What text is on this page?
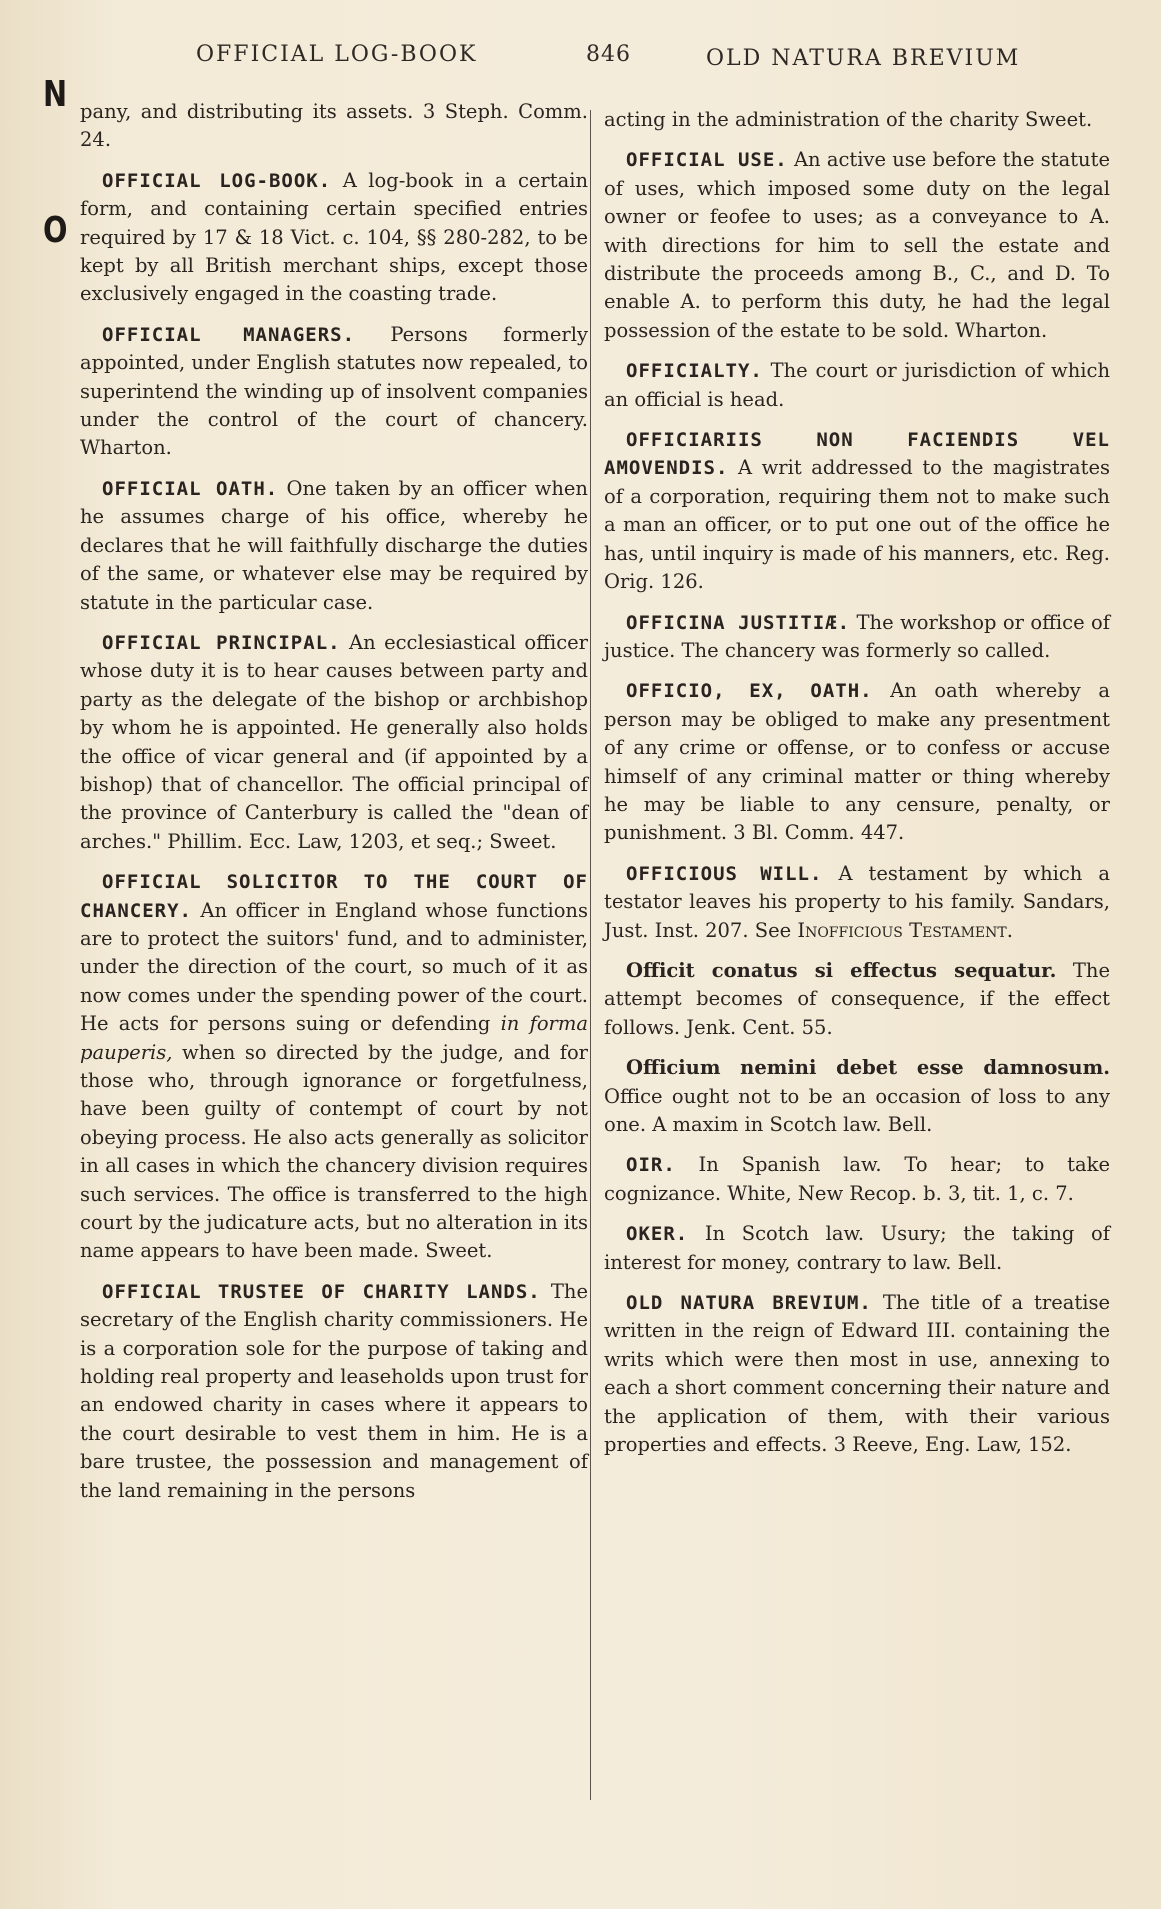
OFFICIAL LOG-BOOK	846	OLD NATURA BREVIUM
N
O

pany, and distributing its assets. 3 Steph. Comm. 24.

OFFICIAL LOG-BOOK. A log-book in a certain form, and containing certain specified entries required by 17 & 18 Vict. c. 104, §§ 280-282, to be kept by all British merchant ships, except those exclusively engaged in the coasting trade.

OFFICIAL MANAGERS. Persons formerly appointed, under English statutes now repealed, to superintend the winding up of insolvent companies under the control of the court of chancery. Wharton.

OFFICIAL OATH. One taken by an officer when he assumes charge of his office, whereby he declares that he will faithfully discharge the duties of the same, or whatever else may be required by statute in the particular case.

OFFICIAL PRINCIPAL. An ecclesiastical officer whose duty it is to hear causes between party and party as the delegate of the bishop or archbishop by whom he is appointed. He generally also holds the office of vicar general and (if appointed by a bishop) that of chancellor. The official principal of the province of Canterbury is called the "dean of arches." Phillim. Ecc. Law, 1203, et seq.; Sweet.

OFFICIAL SOLICITOR TO THE COURT OF CHANCERY. An officer in England whose functions are to protect the suitors' fund, and to administer, under the direction of the court, so much of it as now comes under the spending power of the court. He acts for persons suing or defending in forma pauperis, when so directed by the judge, and for those who, through ignorance or forgetfulness, have been guilty of contempt of court by not obeying process. He also acts generally as solicitor in all cases in which the chancery division requires such services. The office is transferred to the high court by the judicature acts, but no alteration in its name appears to have been made. Sweet.

OFFICIAL TRUSTEE OF CHARITY LANDS. The secretary of the English charity commissioners. He is a corporation sole for the purpose of taking and holding real property and leaseholds upon trust for an endowed charity in cases where it appears to the court desirable to vest them in him. He is a bare trustee, the possession and management of the land remaining in the persons

acting in the administration of the charity Sweet.

OFFICIAL USE. An active use before the statute of uses, which imposed some duty on the legal owner or feofee to uses; as a conveyance to A. with directions for him to sell the estate and distribute the proceeds among B., C., and D. To enable A. to perform this duty, he had the legal possession of the estate to be sold. Wharton.

OFFICIALTY. The court or jurisdiction of which an official is head.

OFFICIARIIS NON FACIENDIS VEL AMOVENDIS. A writ addressed to the magistrates of a corporation, requiring them not to make such a man an officer, or to put one out of the office he has, until inquiry is made of his manners, etc. Reg. Orig. 126.

OFFICINA JUSTITIÆ. The workshop or office of justice. The chancery was formerly so called.

OFFICIO, EX, OATH. An oath whereby a person may be obliged to make any presentment of any crime or offense, or to confess or accuse himself of any criminal matter or thing whereby he may be liable to any censure, penalty, or punishment. 3 Bl. Comm. 447.

OFFICIOUS WILL. A testament by which a testator leaves his property to his family. Sandars, Just. Inst. 207. See Inofficious Testament.

Officit conatus si effectus sequatur. The attempt becomes of consequence, if the effect follows. Jenk. Cent. 55.

Officium nemini debet esse damnosum. Office ought not to be an occasion of loss to any one. A maxim in Scotch law. Bell.

OIR. In Spanish law. To hear; to take cognizance. White, New Recop. b. 3, tit. 1, c. 7.

OKER. In Scotch law. Usury; the taking of interest for money, contrary to law. Bell.

OLD NATURA BREVIUM. The title of a treatise written in the reign of Edward III. containing the writs which were then most in use, annexing to each a short comment concerning their nature and the application of them, with their various properties and effects. 3 Reeve, Eng. Law, 152.
